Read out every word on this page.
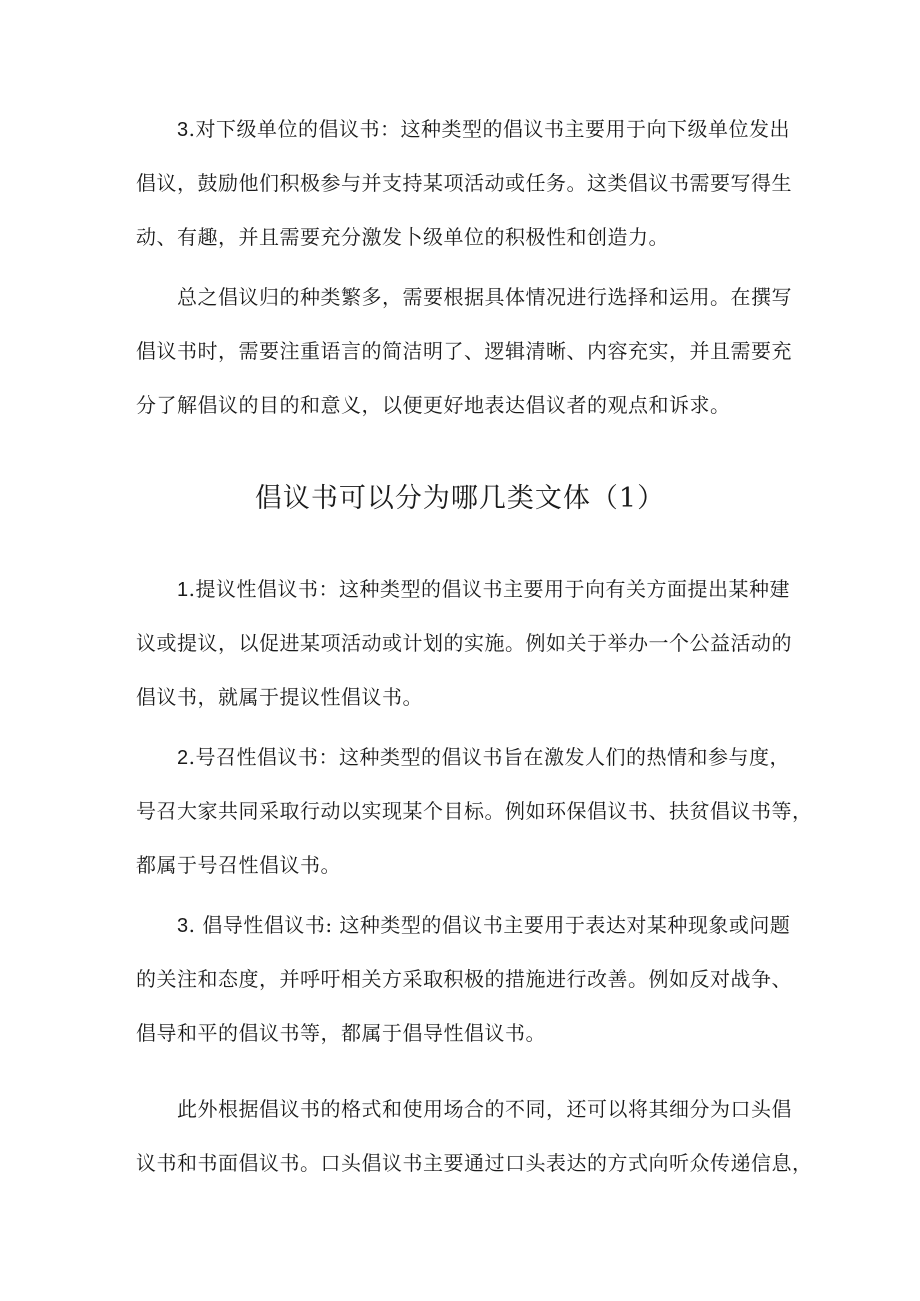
3.对下级单位的倡议书：这种类型的倡议书主要用于向下级单位发出
倡议，鼓励他们积极参与并支持某项活动或任务。这类倡议书需要写得生
动、有趣，并且需要充分激发卜级单位的积极性和创造力。

总之倡议归的种类繁多，需要根据具体情况进行选择和运用。在撰写
倡议书时，需要注重语言的简洁明了、逻辑清晰、内容充实，并且需要充
分了解倡议的目的和意义，以便更好地表达倡议者的观点和诉求。

倡议书可以分为哪几类文体（1）

1.提议性倡议书：这种类型的倡议书主要用于向有关方面提出某种建
议或提议，以促进某项活动或计划的实施。例如关于举办一个公益活动的
倡议书，就属于提议性倡议书。

2.号召性倡议书：这种类型的倡议书旨在激发人们的热情和参与度，
号召大家共同采取行动以实现某个目标。例如环保倡议书、扶贫倡议书等，
都属于号召性倡议书。

3. 倡导性倡议书: 这种类型的倡议书主要用于表达对某种现象或问题
的关注和态度，并呼吁相关方采取积极的措施进行改善。例如反对战争、
倡导和平的倡议书等，都属于倡导性倡议书。

此外根据倡议书的格式和使用场合的不同，还可以将其细分为口头倡
议书和书面倡议书。口头倡议书主要通过口头表达的方式向听众传递信息，
